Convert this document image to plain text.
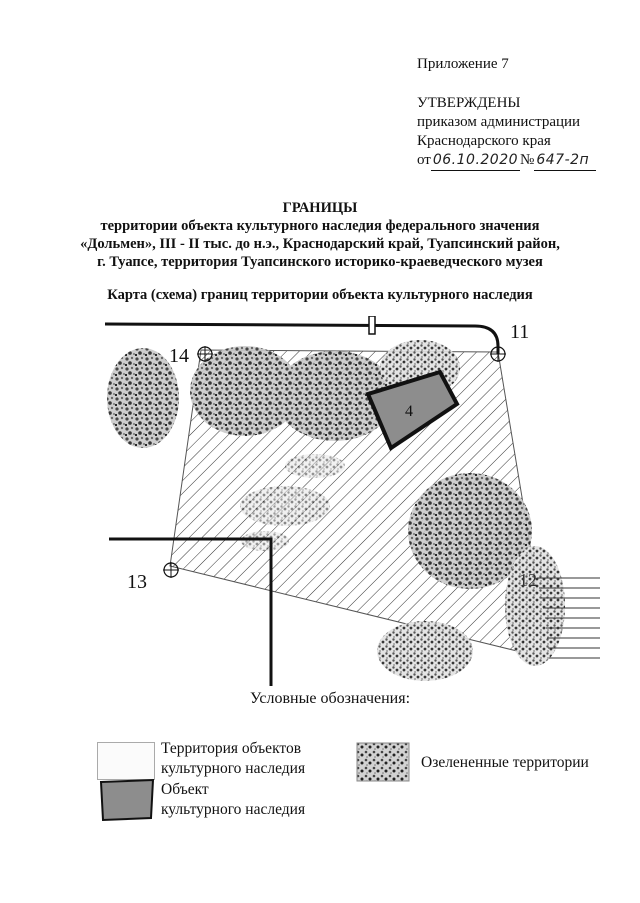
Приложение 7
УТВЕРЖДЕНЫ
приказом администрации
Краснодарского края
от 06.10.2020 № 647-2п
ГРАНИЦЫ
территории объекта культурного наследия федерального значения
«Дольмен», III - II тыс. до н.э., Краснодарский край, Туапсинский район,
г. Туапсе, территория Туапсинского историко-краеведческого музея
Карта (схема) границ территории объекта культурного наследия
4
11
14
13	12
Условные обозначения:
Территория объектов
культурного наследия
Объект
культурного наследия
Озелененные территории
